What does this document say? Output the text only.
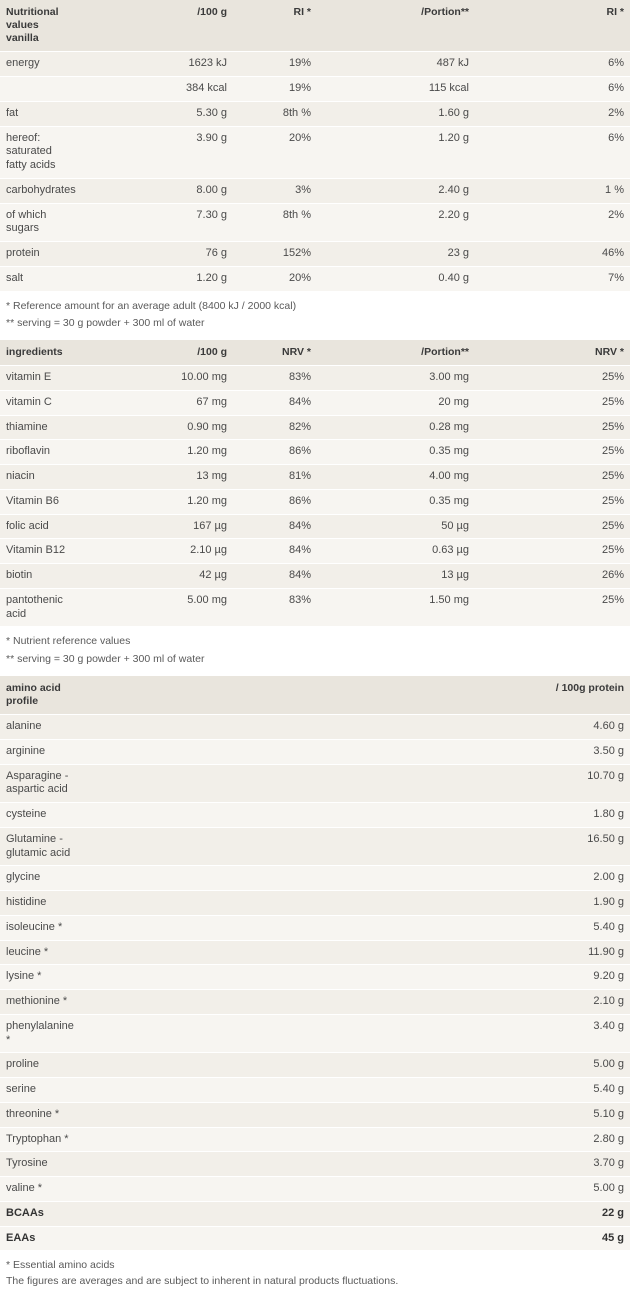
Nutritional values vanilla	/100 g	RI *	/Portion**	RI *
energy	1623 kJ	19%	487 kJ	6%
	384 kcal	19%	115 kcal	6%
fat	5.30 g	8th %	1.60 g	2%
hereof: saturated fatty acids	3.90 g	20%	1.20 g	6%
carbohydrates	8.00 g	3%	2.40 g	1 %
of which sugars	7.30 g	8th %	2.20 g	2%
protein	76 g	152%	23 g	46%
salt	1.20 g	20%	0.40 g	7%
* Reference amount for an average adult (8400 kJ / 2000 kcal)
** serving = 30 g powder + 300 ml of water
ingredients	/100 g	NRV *	/Portion**	NRV *
vitamin E	10.00 mg	83%	3.00 mg	25%
vitamin C	67 mg	84%	20 mg	25%
thiamine	0.90 mg	82%	0.28 mg	25%
riboflavin	1.20 mg	86%	0.35 mg	25%
niacin	13 mg	81%	4.00 mg	25%
Vitamin B6	1.20 mg	86%	0.35 mg	25%
folic acid	167 µg	84%	50 µg	25%
Vitamin B12	2.10 µg	84%	0.63 µg	25%
biotin	42 µg	84%	13 µg	26%
pantothenic acid	5.00 mg	83%	1.50 mg	25%
* Nutrient reference values
** serving = 30 g powder + 300 ml of water
amino acid profile	/ 100g protein
alanine	4.60 g
arginine	3.50 g
Asparagine - aspartic acid	10.70 g
cysteine	1.80 g
Glutamine - glutamic acid	16.50 g
glycine	2.00 g
histidine	1.90 g
isoleucine *	5.40 g
leucine *	11.90 g
lysine *	9.20 g
methionine *	2.10 g
phenylalanine *	3.40 g
proline	5.00 g
serine	5.40 g
threonine *	5.10 g
Tryptophan *	2.80 g
Tyrosine	3.70 g
valine *	5.00 g
BCAAs	22 g
EAAs	45 g
* Essential amino acids
The figures are averages and are subject to inherent in natural products fluctuations.
